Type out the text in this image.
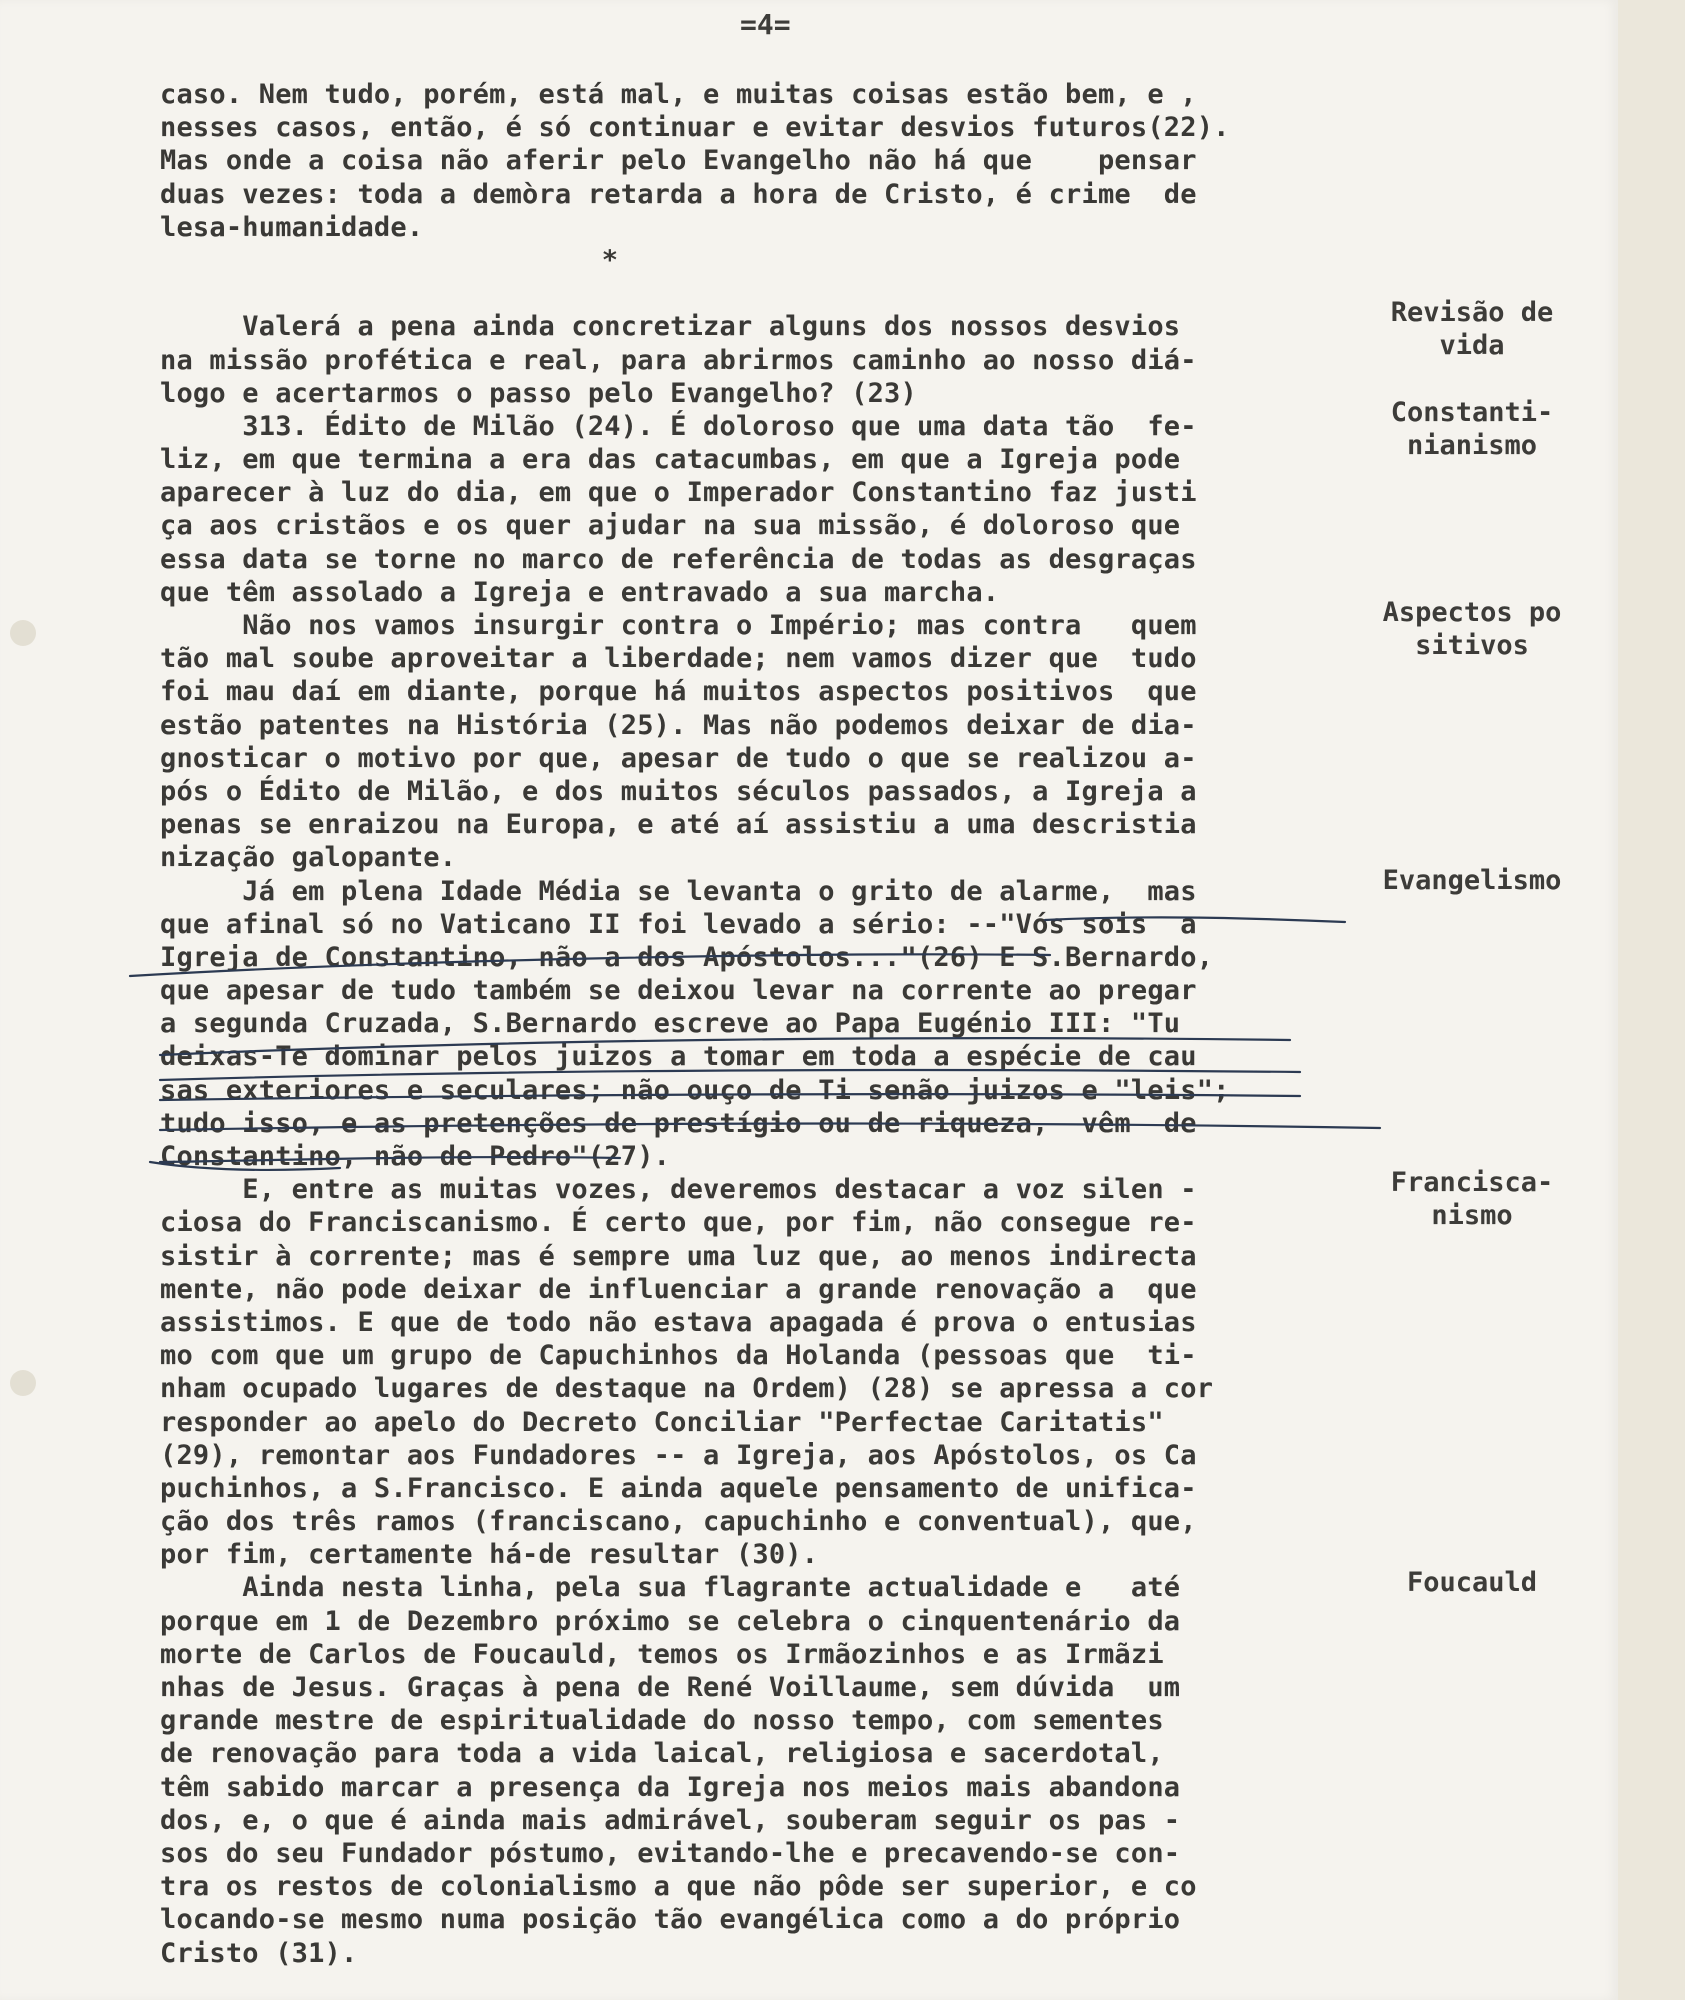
=4=
caso. Nem tudo, porém, está mal, e muitas coisas estão bem, e ,
nesses casos, então, é só continuar e evitar desvios futuros(22).
Mas onde a coisa não aferir pelo Evangelho não há que    pensar
duas vezes: toda a demòra retarda a hora de Cristo, é crime  de
lesa-humanidade.
*
Valerá a pena ainda concretizar alguns dos nossos desvios
na missão profética e real, para abrirmos caminho ao nosso diá-
logo e acertarmos o passo pelo Evangelho? (23)
313. Édito de Milão (24). É doloroso que uma data tão  fe-
liz, em que termina a era das catacumbas, em que a Igreja pode
aparecer à luz do dia, em que o Imperador Constantino faz justi
ça aos cristãos e os quer ajudar na sua missão, é doloroso que
essa data se torne no marco de referência de todas as desgraças
que têm assolado a Igreja e entravado a sua marcha.
Não nos vamos insurgir contra o Império; mas contra   quem
tão mal soube aproveitar a liberdade; nem vamos dizer que  tudo
foi mau daí em diante, porque há muitos aspectos positivos  que
estão patentes na História (25). Mas não podemos deixar de dia-
gnosticar o motivo por que, apesar de tudo o que se realizou a-
pós o Édito de Milão, e dos muitos séculos passados, a Igreja a
penas se enraizou na Europa, e até aí assistiu a uma descristia
nização galopante.
Já em plena Idade Média se levanta o grito de alarme,  mas
que afinal só no Vaticano II foi levado a sério: --"Vós sois  a
Igreja de Constantino, não a dos Apóstolos..."(26) E S.Bernardo,
que apesar de tudo também se deixou levar na corrente ao pregar
a segunda Cruzada, S.Bernardo escreve ao Papa Eugénio III: "Tu
deixas-Te dominar pelos juizos a tomar em toda a espécie de cau
sas exteriores e seculares; não ouço de Ti senão juizos e "leis";
tudo isso, e as pretenções de prestígio ou de riqueza,  vêm  de
Constantino, não de Pedro"(27).
E, entre as muitas vozes, deveremos destacar a voz silen -
ciosa do Franciscanismo. É certo que, por fim, não consegue re-
sistir à corrente; mas é sempre uma luz que, ao menos indirecta
mente, não pode deixar de influenciar a grande renovação a  que
assistimos. E que de todo não estava apagada é prova o entusias
mo com que um grupo de Capuchinhos da Holanda (pessoas que  ti-
nham ocupado lugares de destaque na Ordem) (28) se apressa a cor
responder ao apelo do Decreto Conciliar "Perfectae Caritatis"
(29), remontar aos Fundadores -- a Igreja, aos Apóstolos, os Ca
puchinhos, a S.Francisco. E ainda aquele pensamento de unifica-
ção dos três ramos (franciscano, capuchinho e conventual), que,
por fim, certamente há-de resultar (30).
Ainda nesta linha, pela sua flagrante actualidade e   até
porque em 1 de Dezembro próximo se celebra o cinquentenário da
morte de Carlos de Foucauld, temos os Irmãozinhos e as Irmãzi
nhas de Jesus. Graças à pena de René Voillaume, sem dúvida  um
grande mestre de espiritualidade do nosso tempo, com sementes
de renovação para toda a vida laical, religiosa e sacerdotal,
têm sabido marcar a presença da Igreja nos meios mais abandona
dos, e, o que é ainda mais admirável, souberam seguir os pas -
sos do seu Fundador póstumo, evitando-lhe e precavendo-se con-
tra os restos de colonialismo a que não pôde ser superior, e co
locando-se mesmo numa posição tão evangélica como a do próprio
Cristo (31).
Revisão de
vida
Constanti-
nianismo
Aspectos po
sitivos
Evangelismo
Francisca-
nismo
Foucauld
